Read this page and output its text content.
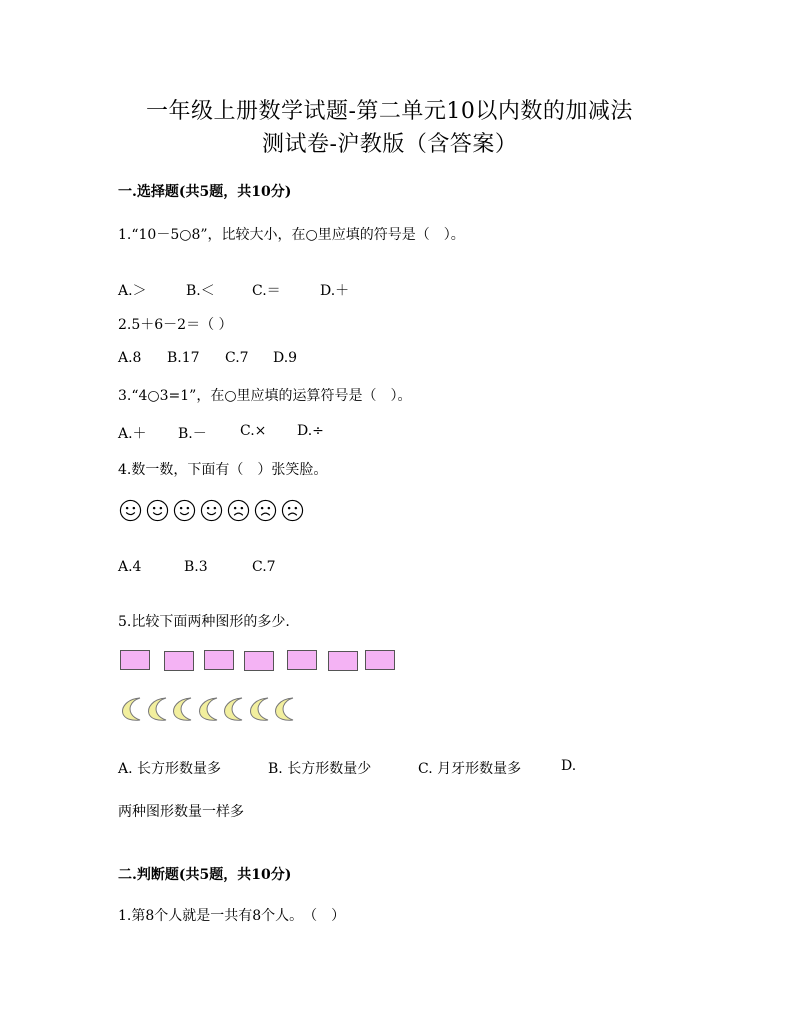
一年级上册数学试题-第二单元10以内数的加减法
测试卷-沪教版（含答案）
一.选择题(共5题，共10分)
1.“10－5○8”，比较大小，在○里应填的符号是（　）。
A.＞	B.＜	C.＝	D.＋
2.5＋6－2＝（ ）
A.8 B.17 C.7 D.9
3.“4○3=1”，在○里应填的运算符号是（　）。
A.＋ B.－ C.× D.÷
4.数一数，下面有（　）张笑脸。
A.4	B.3	C.7
5.比较下面两种图形的多少.
A. 长方形数量多	B. 长方形数量少	C. 月牙形数量多	D.
两种图形数量一样多
二.判断题(共5题，共10分)
1.第8个人就是一共有8个人。　（　）
